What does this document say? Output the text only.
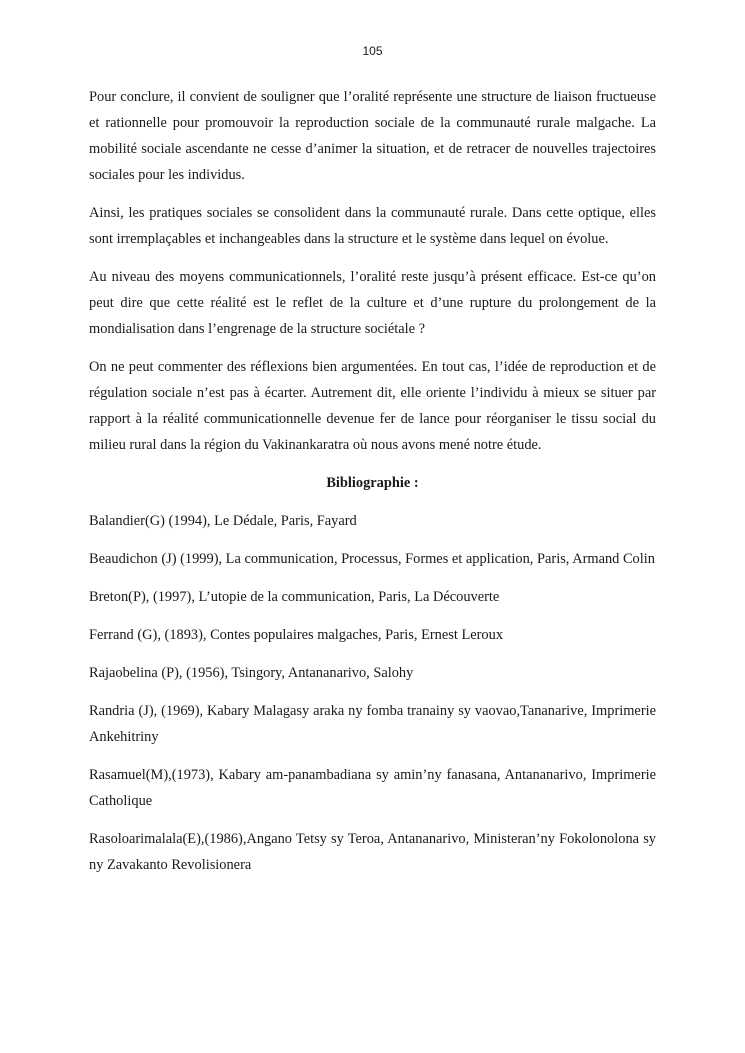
105

Pour conclure, il convient de souligner que l’oralité représente une structure de liaison fructueuse et rationnelle pour promouvoir la reproduction sociale de la communauté rurale malgache. La mobilité sociale ascendante ne cesse d’animer la situation, et de retracer de nouvelles trajectoires sociales pour les individus.

Ainsi, les pratiques sociales se consolident dans la communauté rurale. Dans cette optique, elles sont irremplaçables et inchangeables dans la structure et le système dans lequel on évolue.

Au niveau des moyens communicationnels, l’oralité reste jusqu’à présent efficace. Est-ce qu’on peut dire que cette réalité est le reflet de la culture et d’une rupture du prolongement de la mondialisation dans l’engrenage de la structure sociétale ?

On ne peut commenter des réflexions bien argumentées. En tout cas, l’idée de reproduction et de régulation sociale n’est pas à écarter. Autrement dit, elle oriente l’individu à mieux se situer par rapport à la réalité communicationnelle devenue fer de lance pour réorganiser le tissu social du milieu rural dans la région du Vakinankaratra où nous avons mené notre étude.

Bibliographie :

Balandier(G) (1994), Le Dédale, Paris, Fayard

Beaudichon (J) (1999), La communication, Processus, Formes et application, Paris, Armand Colin

Breton(P), (1997), L’utopie de la communication, Paris, La Découverte

Ferrand (G), (1893), Contes populaires malgaches, Paris, Ernest Leroux

Rajaobelina (P), (1956), Tsingory, Antananarivo, Salohy

Randria (J), (1969), Kabary Malagasy araka ny fomba tranainy sy vaovao,Tananarive, Imprimerie Ankehitriny

Rasamuel(M),(1973), Kabary am-panambadiana sy amin’ny fanasana, Antananarivo, Imprimerie Catholique

Rasoloarimalala(E),(1986),Angano Tetsy sy Teroa, Antananarivo, Ministeran’ny Fokolonolona sy ny Zavakanto Revolisionera
